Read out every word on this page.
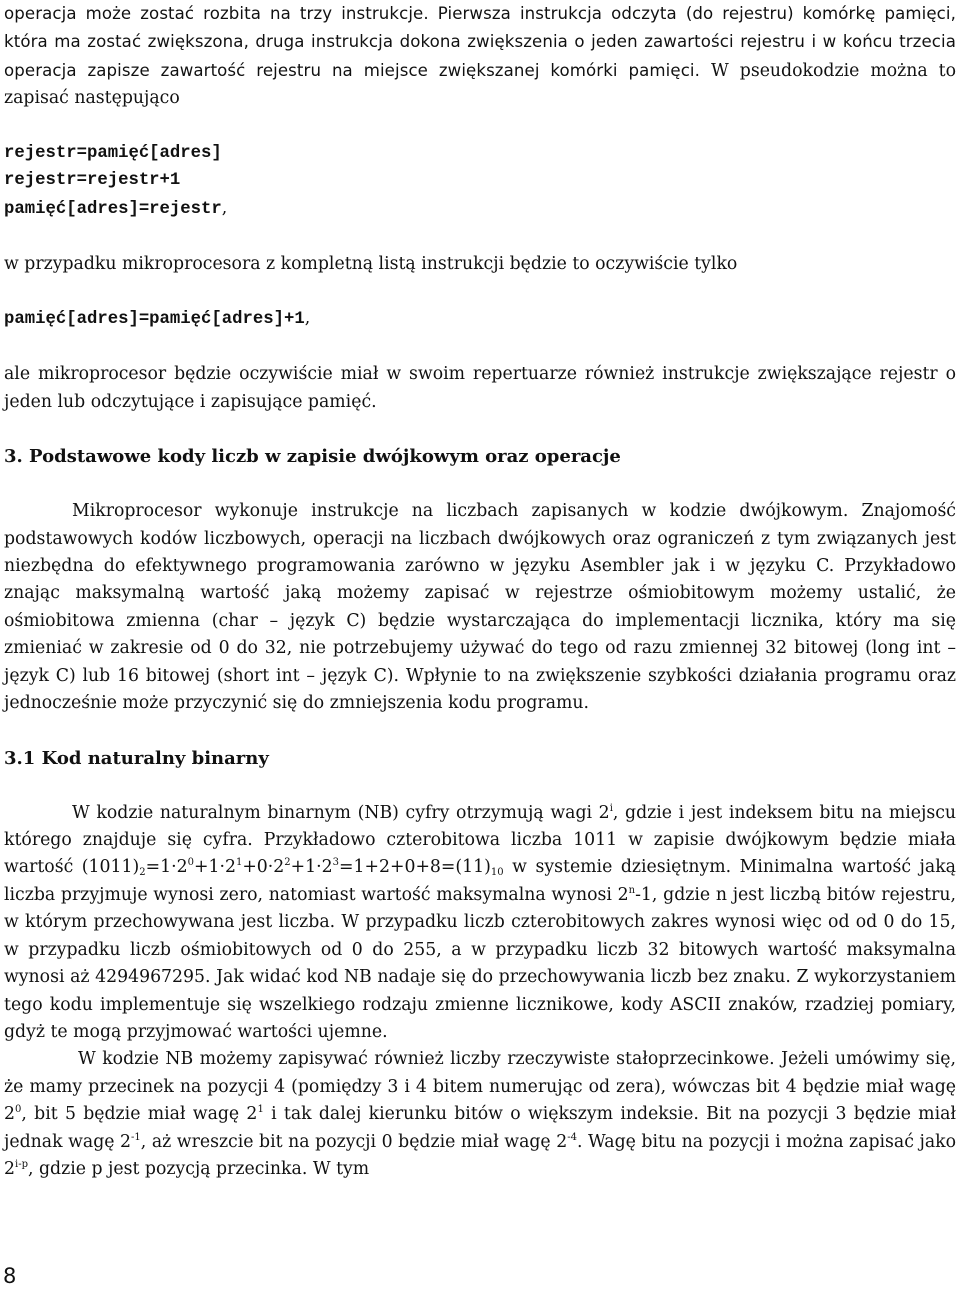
operacja może zostać rozbita na trzy instrukcje. Pierwsza instrukcja odczyta (do rejestru) komórkę pamięci, która ma zostać zwiększona, druga instrukcja dokona zwiększenia o jeden zawartości rejestru i w końcu trzecia operacja zapisze zawartość rejestru na miejsce zwiększanej komórki pamięci. W pseudokodzie można to zapisać następująco

rejestr=pamięć[adres]
rejestr=rejestr+1
pamięć[adres]=rejestr,

w przypadku mikroprocesora z kompletną listą instrukcji będzie to oczywiście tylko

pamięć[adres]=pamięć[adres]+1,

ale mikroprocesor będzie oczywiście miał w swoim repertuarze również instrukcje zwiększające rejestr o jeden lub odczytujące i zapisujące pamięć.

3. Podstawowe kody liczb w zapisie dwójkowym oraz operacje

Mikroprocesor wykonuje instrukcje na liczbach zapisanych w kodzie dwójkowym. Znajomość podstawowych kodów liczbowych, operacji na liczbach dwójkowych oraz ograniczeń z tym związanych jest niezbędna do efektywnego programowania zarówno w języku Asembler jak i w języku C. Przykładowo znając maksymalną wartość jaką możemy zapisać w rejestrze ośmiobitowym możemy ustalić, że ośmiobitowa zmienna (char – język C) będzie wystarczająca do implementacji licznika, który ma się zmieniać w zakresie od 0 do 32, nie potrzebujemy używać do tego od razu zmiennej 32 bitowej (long int – język C) lub 16 bitowej (short int – język C). Wpłynie to na zwiększenie szybkości działania programu oraz jednocześnie może przyczynić się do zmniejszenia kodu programu.

3.1 Kod naturalny binarny

W kodzie naturalnym binarnym (NB) cyfry otrzymują wagi 2$^i$, gdzie i jest indeksem bitu na miejscu którego znajduje się cyfra. Przykładowo czterobitowa liczba 1011 w zapisie dwójkowym będzie miała wartość $(1011)_2=1\cdot 2^0+1\cdot 2^1+0\cdot 2^2+1\cdot 2^3=1+2+0+8=(11)_{10}$ w systemie dziesiętnym. Minimalna wartość jaką liczba przyjmuje wynosi zero, natomiast wartość maksymalna wynosi 2$^n$-1, gdzie n jest liczbą bitów rejestru, w którym przechowywana jest liczba. W przypadku liczb czterobitowych zakres wynosi więc od od 0 do 15, w przypadku liczb ośmiobitowych od 0 do 255, a w przypadku liczb 32 bitowych wartość maksymalna wynosi aż 4294967295. Jak widać kod NB nadaje się do przechowywania liczb bez znaku. Z wykorzystaniem tego kodu implementuje się wszelkiego rodzaju zmienne licznikowe, kody ASCII znaków, rzadziej pomiary, gdyż te mogą przyjmować wartości ujemne.

W kodzie NB możemy zapisywać również liczby rzeczywiste stałoprzecinkowe. Jeżeli umówimy się, że mamy przecinek na pozycji 4 (pomiędzy 3 i 4 bitem numerując od zera), wówczas bit 4 będzie miał wagę $2^0$, bit 5 będzie miał wagę $2^1$ i tak dalej kierunku bitów o większym indeksie. Bit na pozycji 3 będzie miał jednak wagę $2^{-1}$, aż wreszcie bit na pozycji 0 będzie miał wagę $2^{-4}$. Wagę bitu na pozycji i można zapisać jako 2$^{i-p}$, gdzie p jest pozycją przecinka. W tym

8
